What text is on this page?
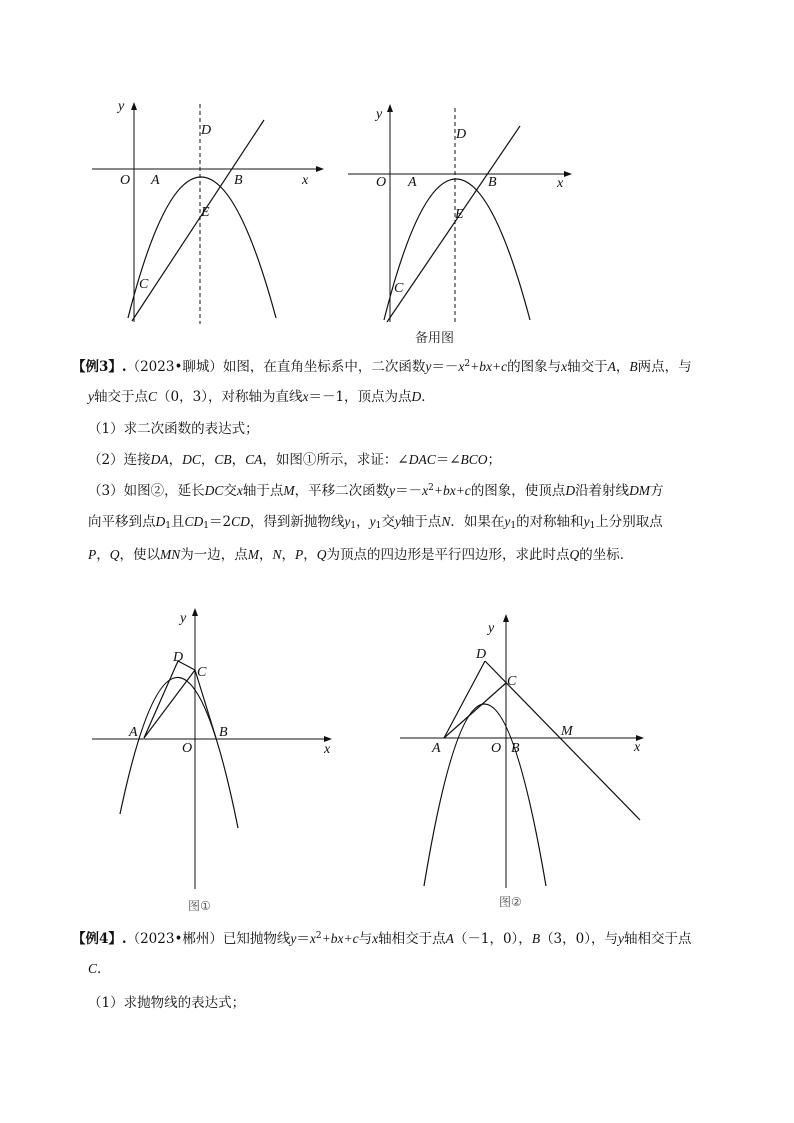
y
x
O A	B
C
D
E
y
x
O A	B
C
D
E
备用图
【例3】.（2023•聊城）如图，在直角坐标系中，二次函数$y=-x^2+bx+c$的图象与x轴交于A，B两点，与
y轴交于点C（0，3），对称轴为直线x＝－1，顶点为点D．
（1）求二次函数的表达式；
（2）连接DA，DC，CB，CA，如图①所示，求证：∠DAC＝∠BCO；
（3）如图②，延长DC交x轴于点M，平移二次函数$y=-x^2+bx+c$的图象，使顶点D沿着射线DM方
向平移到点$D_1$且$CD_1=2CD$，得到新抛物线$y_1$，$y_1$交y轴于点N．如果在$y_1$的对称轴和$y_1$上分别取点
P，Q，使以MN为一边，点M，N，P，Q为顶点的四边形是平行四边形，求此时点Q的坐标．
y
x
O
A	B
C
D
图①
y
x
O
A	B
C
D
M
图②
【例4】.（2023•郴州）已知抛物线$y=x^2+bx+c$与x轴相交于点A（－1，0），B（3，0），与y轴相交于点
C．
（1）求抛物线的表达式；
